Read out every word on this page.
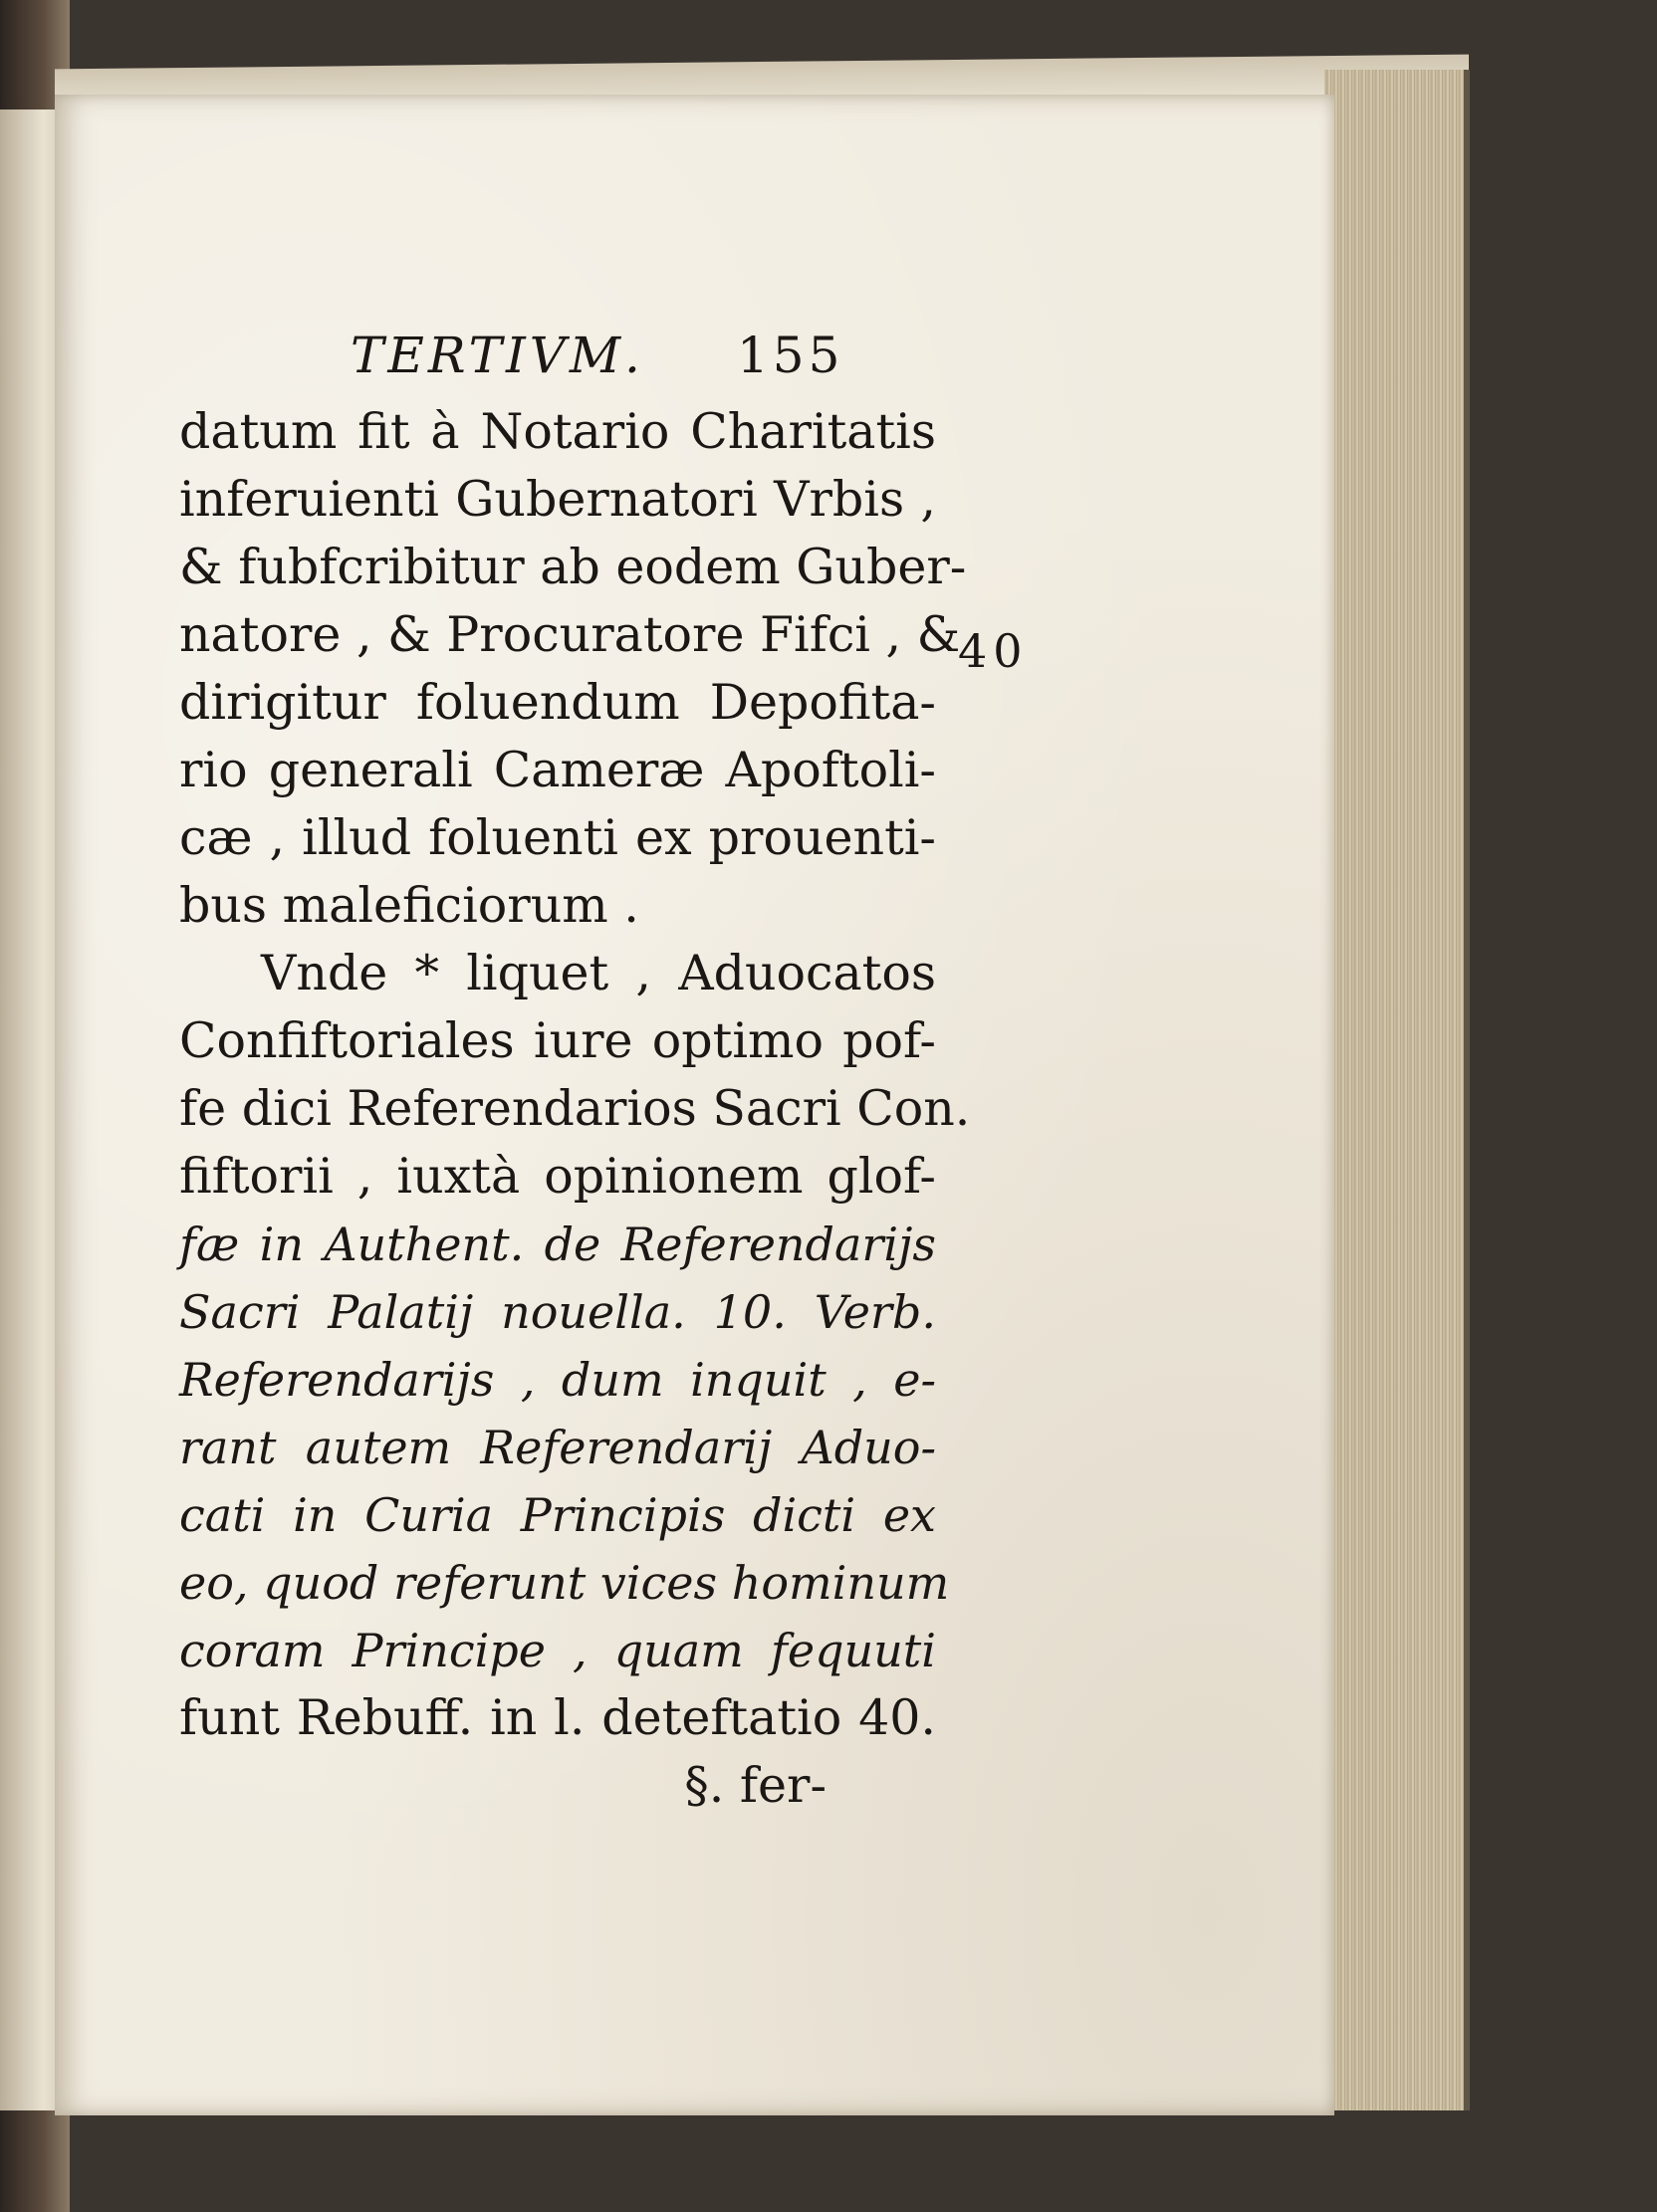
TERTIVM. 155
datum fit à Notario Charitatis
inferuienti Gubernatori Vrbis ,
& fubfcribitur ab eodem Guber-
natore , & Procuratore Fifci , &
dirigitur foluendum Depofita-
rio generali Cameræ Apoftoli-
cæ , illud foluenti ex prouenti-
bus maleficiorum .
Vnde * liquet , Aduocatos
Confiftoriales iure optimo pof-
fe dici Referendarios Sacri Con.
fiftorii , iuxtà opinionem glof-
fæ in Authent. de Referendarijs
Sacri Palatij nouella. 10. Verb.
Referendarijs , dum inquit , e-
rant autem Referendarij Aduo-
cati in Curia Principis dicti ex
eo, quod referunt vices hominum
coram Principe , quam fequuti
funt Rebuff. in l. deteftatio 40.
§. fer-
40
